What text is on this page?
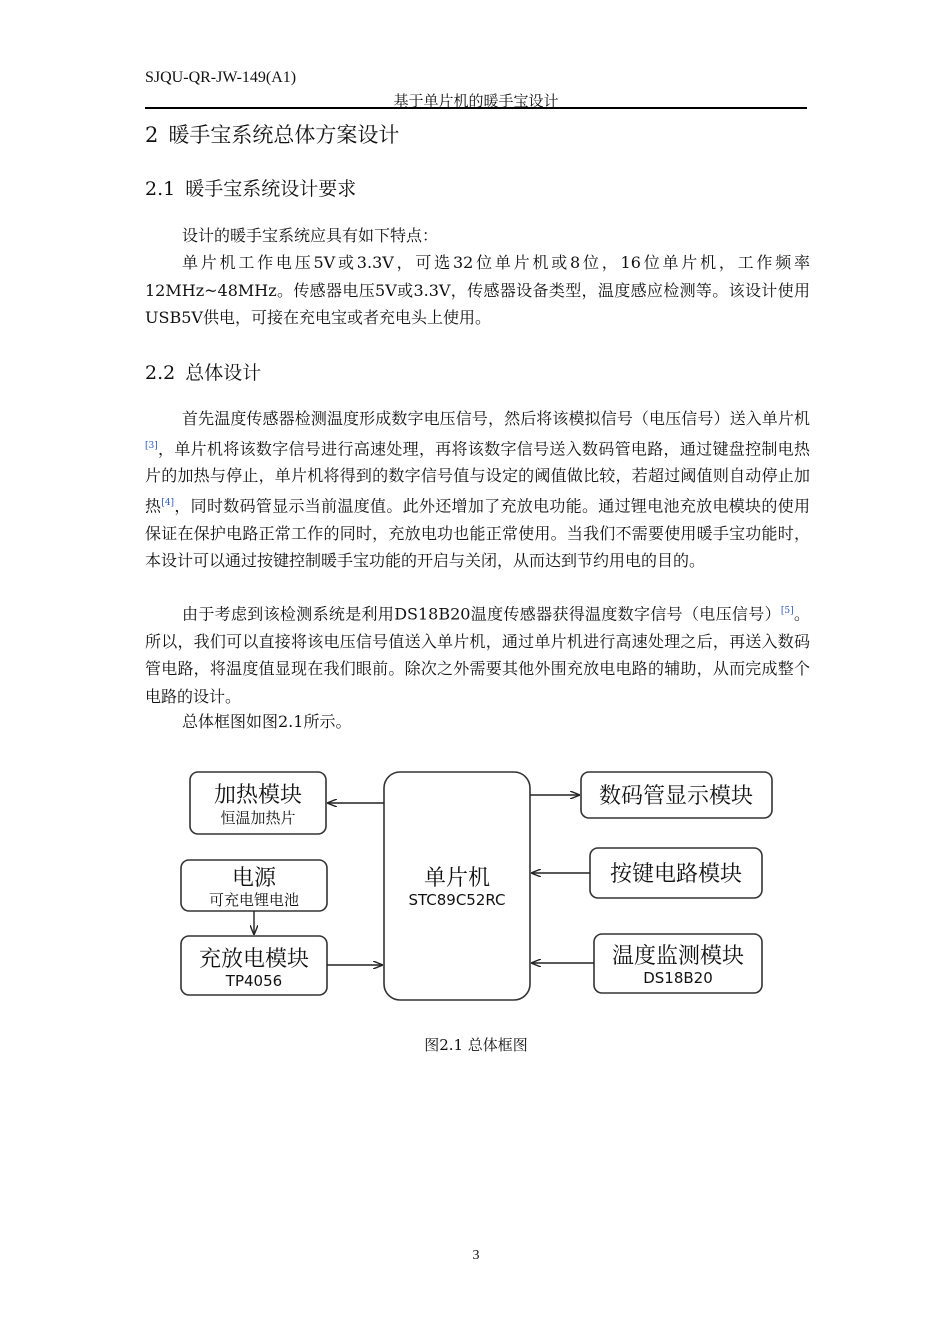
SJQU-QR-JW-149(A1)
基于单片机的暖手宝设计
2 暖手宝系统总体方案设计
2.1 暖手宝系统设计要求
设计的暖手宝系统应具有如下特点：
单片机工作电压5V或3.3V，可选32位单片机或8位，16位单片机，工作频率12MHz~48MHz。传感器电压5V或3.3V，传感器设备类型，温度感应检测等。该设计使用USB5V供电，可接在充电宝或者充电头上使用。
2.2 总体设计
首先温度传感器检测温度形成数字电压信号，然后将该模拟信号（电压信号）送入单片机[3]，单片机将该数字信号进行高速处理，再将该数字信号送入数码管电路，通过键盘控制电热片的加热与停止，单片机将得到的数字信号值与设定的阈值做比较，若超过阈值则自动停止加热[4]，同时数码管显示当前温度值。此外还增加了充放电功能。通过锂电池充放电模块的使用保证在保护电路正常工作的同时，充放电功也能正常使用。当我们不需要使用暖手宝功能时，本设计可以通过按键控制暖手宝功能的开启与关闭，从而达到节约用电的目的。
由于考虑到该检测系统是利用DS18B20温度传感器获得温度数字信号（电压信号）[5]。所以，我们可以直接将该电压信号值送入单片机，通过单片机进行高速处理之后，再送入数码管电路，将温度值显现在我们眼前。除次之外需要其他外围充放电电路的辅助，从而完成整个电路的设计。
总体框图如图2.1所示。
单片机
STC89C52RC
加热模块
恒温加热片
电源
可充电锂电池
充放电模块
TP4056
数码管显示模块
按键电路模块
温度监测模块
DS18B20
图2.1 总体框图
3
